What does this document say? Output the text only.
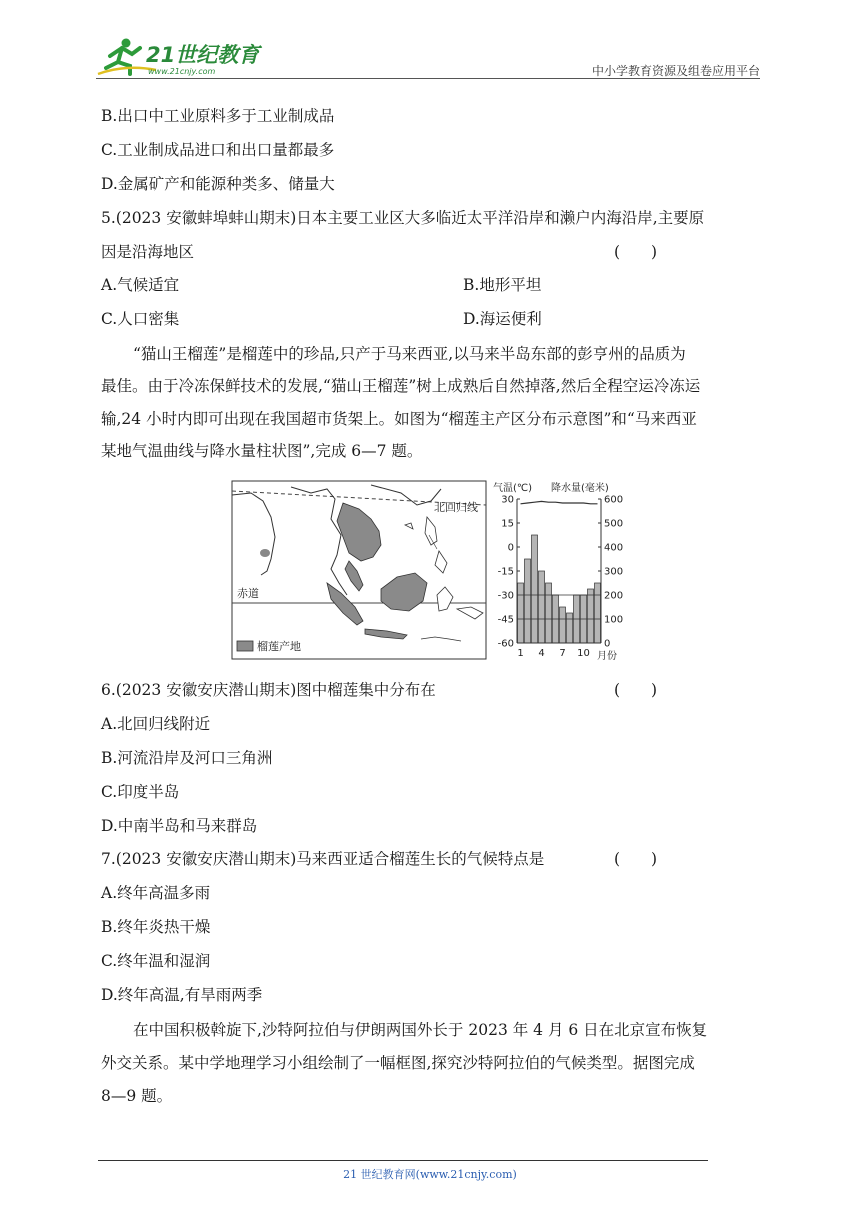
21世纪教育
www.21cnjy.com	中小学教育资源及组卷应用平台
B.出口中工业原料多于工业制成品
C.工业制成品进口和出口量都最多
D.金属矿产和能源种类多、储量大
5.(2023 安徽蚌埠蚌山期末)日本主要工业区大多临近太平洋沿岸和濑户内海沿岸,主要原
因是沿海地区	(　　)
A.气候适宜	B.地形平坦
C.人口密集	D.海运便利
“猫山王榴莲”是榴莲中的珍品,只产于马来西亚,以马来半岛东部的彭亨州的品质为
最佳。由于冷冻保鲜技术的发展,“猫山王榴莲”树上成熟后自然掉落,然后全程空运冷冻运
输,24 小时内即可出现在我国超市货架上。如图为“榴莲主产区分布示意图”和“马来西亚
某地气温曲线与降水量柱状图”,完成 6—7 题。
北回归线
赤道
榴莲产地
气温(℃) 降水量(毫米)
30
15
0
-15
-30
-45
-60
600
500
400
300
200
100
0
1 4 7 10 月份
6.(2023 安徽安庆潜山期末)图中榴莲集中分布在	(　　)
A.北回归线附近
B.河流沿岸及河口三角洲
C.印度半岛
D.中南半岛和马来群岛
7.(2023 安徽安庆潜山期末)马来西亚适合榴莲生长的气候特点是	(　　)
A.终年高温多雨
B.终年炎热干燥
C.终年温和湿润
D.终年高温,有旱雨两季
在中国积极斡旋下,沙特阿拉伯与伊朗两国外长于 2023 年 4 月 6 日在北京宣布恢复
外交关系。某中学地理学习小组绘制了一幅框图,探究沙特阿拉伯的气候类型。据图完成
8—9 题。
21 世纪教育网(www.21cnjy.com)
